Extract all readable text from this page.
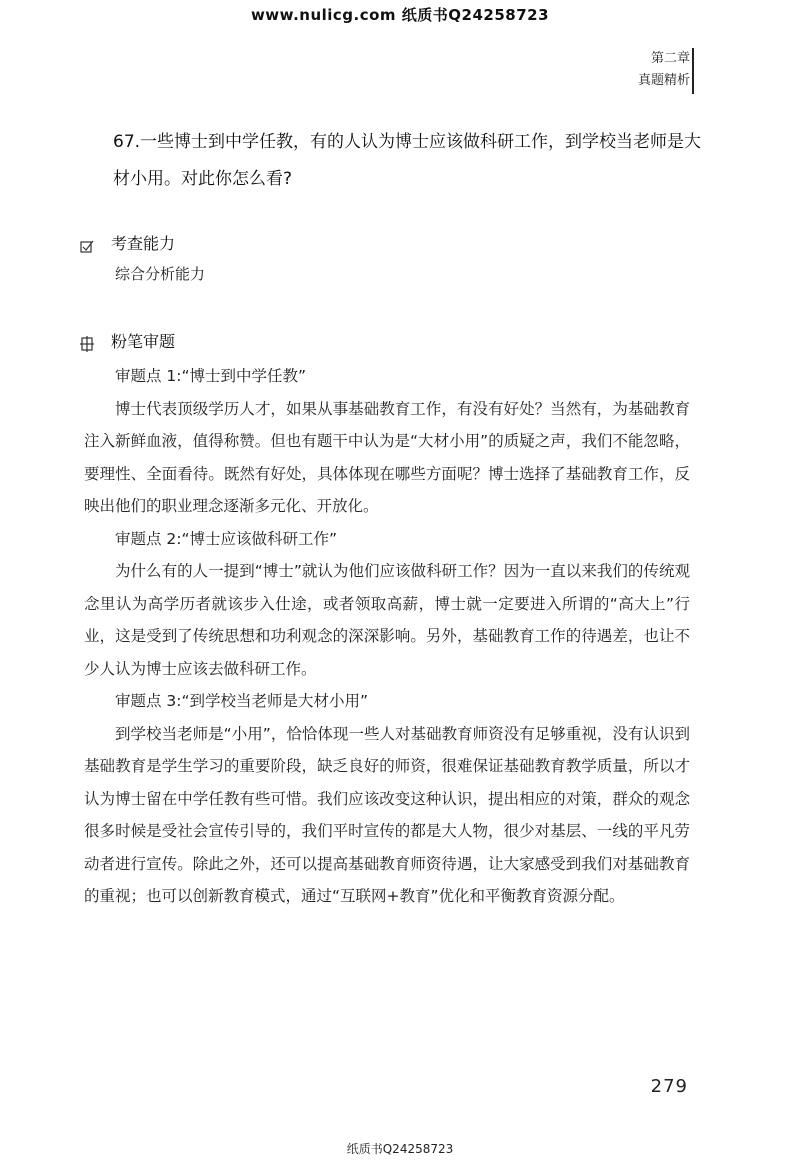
www.nulicg.com 纸质书Q24258723
第二章
真题精析
67.一些博士到中学任教，有的人认为博士应该做科研工作，到学校当老师是大材小用。对此你怎么看?
考查能力
综合分析能力
粉笔审题

审题点 1:“博士到中学任教”

博士代表顶级学历人才，如果从事基础教育工作，有没有好处？当然有，为基础教育注入新鲜血液，值得称赞。但也有题干中认为是“大材小用”的质疑之声，我们不能忽略，要理性、全面看待。既然有好处，具体体现在哪些方面呢？博士选择了基础教育工作，反映出他们的职业理念逐渐多元化、开放化。

审题点 2:“博士应该做科研工作”

为什么有的人一提到“博士”就认为他们应该做科研工作？因为一直以来我们的传统观念里认为高学历者就该步入仕途，或者领取高薪，博士就一定要进入所谓的“高大上”行业，这是受到了传统思想和功利观念的深深影响。另外，基础教育工作的待遇差，也让不少人认为博士应该去做科研工作。

审题点 3:“到学校当老师是大材小用”

到学校当老师是“小用”，恰恰体现一些人对基础教育师资没有足够重视，没有认识到基础教育是学生学习的重要阶段，缺乏良好的师资，很难保证基础教育教学质量，所以才认为博士留在中学任教有些可惜。我们应该改变这种认识，提出相应的对策，群众的观念很多时候是受社会宣传引导的，我们平时宣传的都是大人物，很少对基层、一线的平凡劳动者进行宣传。除此之外，还可以提高基础教育师资待遇，让大家感受到我们对基础教育的重视；也可以创新教育模式，通过“互联网+教育”优化和平衡教育资源分配。

279
纸质书Q24258723
